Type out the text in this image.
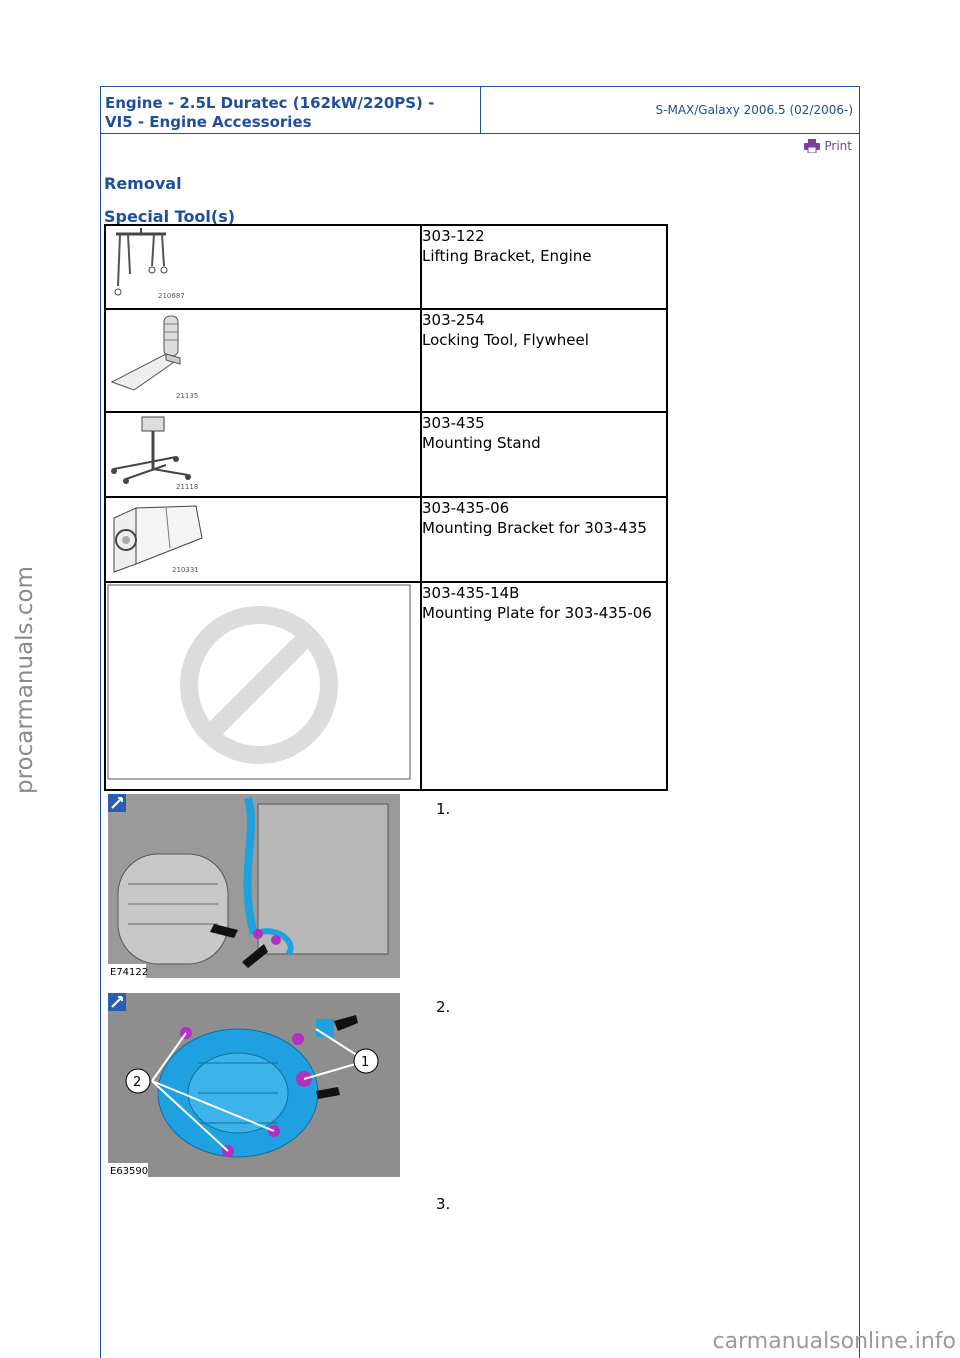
Engine - 2.5L Duratec (162kW/220PS) -
VI5 - Engine Accessories
S-MAX/Galaxy 2006.5 (02/2006-)
Print
Removal
Special Tool(s)
210687	303-122
Lifting Bracket, Engine

21135	303-254
Locking Tool, Flywheel

21118	303-435
Mounting Stand

210331	303-435-06
Mounting Bracket for 303-435

303-435-14B
Mounting Plate for 303-435-06
E74122
1.
2
1
E63590
2.
3.
procarmanuals.com
carmanualsonline.info
